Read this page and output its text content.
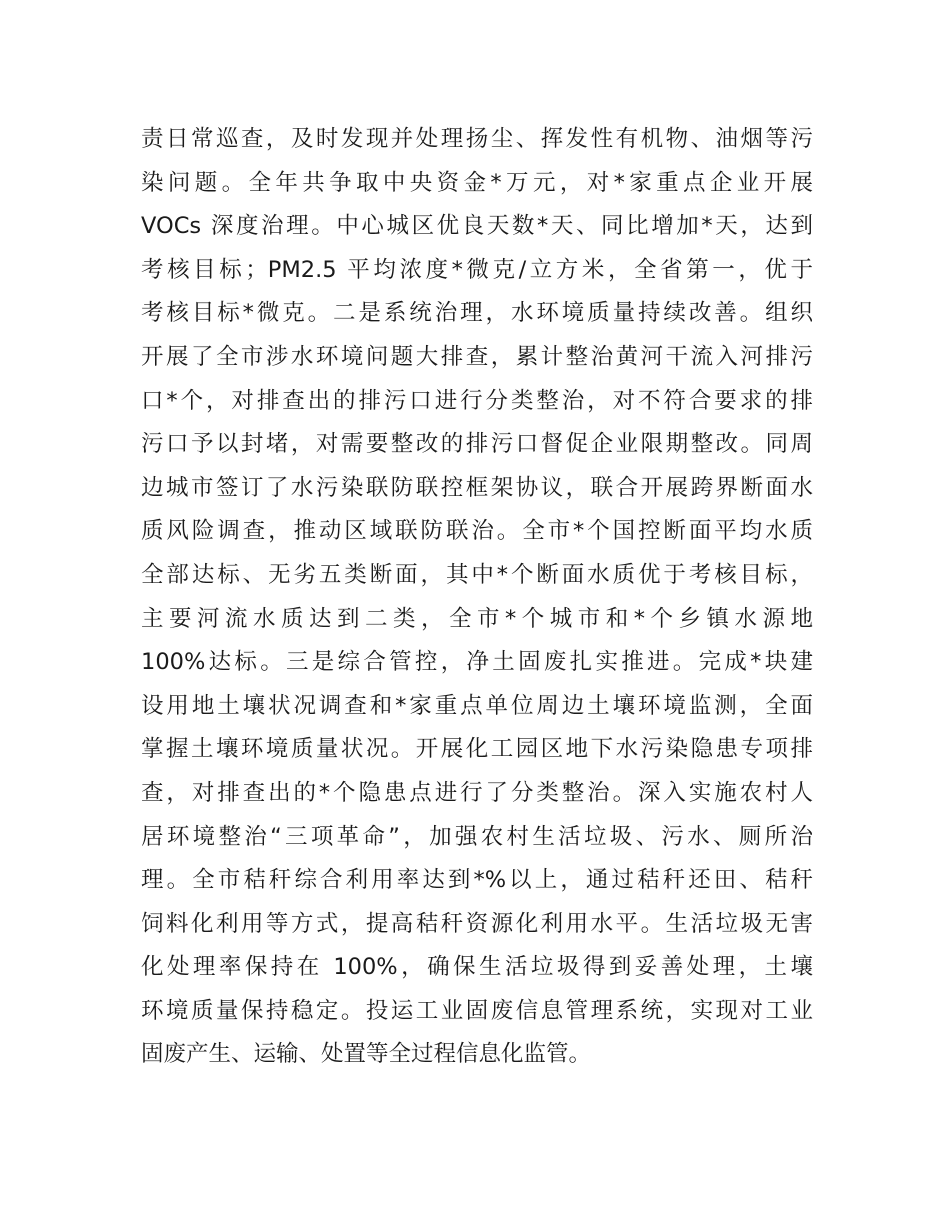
责日常巡查，及时发现并处理扬尘、挥发性有机物、油烟等污
染问题。全年共争取中央资金*万元，对*家重点企业开展
VOCs 深度治理。中心城区优良天数*天、同比增加*天，达到
考核目标；PM2.5 平均浓度*微克/立方米，全省第一，优于
考核目标*微克。二是系统治理，水环境质量持续改善。组织
开展了全市涉水环境问题大排查，累计整治黄河干流入河排污
口*个，对排查出的排污口进行分类整治，对不符合要求的排
污口予以封堵，对需要整改的排污口督促企业限期整改。同周
边城市签订了水污染联防联控框架协议，联合开展跨界断面水
质风险调查，推动区域联防联治。全市*个国控断面平均水质
全部达标、无劣五类断面，其中*个断面水质优于考核目标，
主要河流水质达到二类，全市*个城市和*个乡镇水源地
100%达标。三是综合管控，净土固废扎实推进。完成*块建
设用地土壤状况调查和*家重点单位周边土壤环境监测，全面
掌握土壤环境质量状况。开展化工园区地下水污染隐患专项排
查，对排查出的*个隐患点进行了分类整治。深入实施农村人
居环境整治“三项革命”，加强农村生活垃圾、污水、厕所治
理。全市秸秆综合利用率达到*%以上，通过秸秆还田、秸秆
饲料化利用等方式，提高秸秆资源化利用水平。生活垃圾无害
化处理率保持在 100%，确保生活垃圾得到妥善处理，土壤
环境质量保持稳定。投运工业固废信息管理系统，实现对工业
固废产生、运输、处置等全过程信息化监管。
